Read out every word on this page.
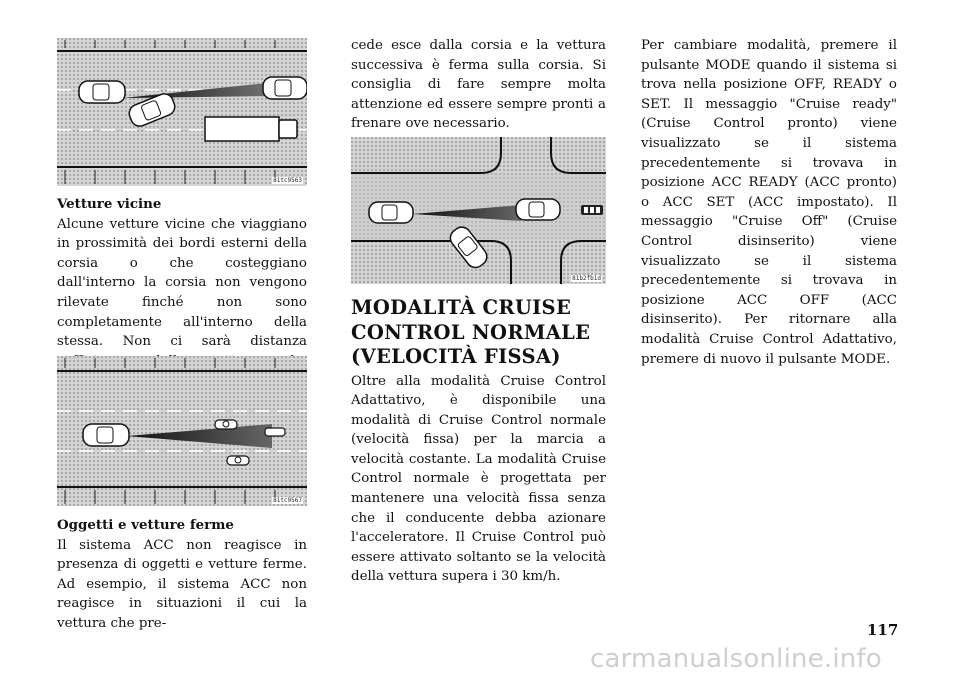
81tc9563

Vetture vicine

Alcune vetture vicine che viaggiano in prossimità dei bordi esterni della corsia o che costeggiano dall'interno la corsia non vengono rilevate finché non sono completamente all'interno della stessa. Non ci sarà distanza

81tc9567

Oggetti e vetture ferme

Il sistema ACC non reagisce in presenza di oggetti e vetture ferme. Ad esempio, il sistema ACC non reagisce in situazioni il cui la vettura che pre-

cede esce dalla corsia e la vettura successiva è ferma sulla corsia. Si consiglia di fare sempre molta attenzione ed essere sempre pronti a frenare ove necessario.

81b2fb1d
MODALITÀ CRUISE CONTROL NORMALE (VELOCITÀ FISSA)

Oltre alla modalità Cruise Control Adattativo, è disponibile una modalità di Cruise Control normale (velocità fissa) per la marcia a velocità costante. La modalità Cruise Control normale è progettata per mantenere una velocità fissa senza che il conducente debba azionare l'acceleratore. Il Cruise Control può essere attivato soltanto se la velocità della vettura supera i 30 km/h.

Per cambiare modalità, premere il pulsante MODE quando il sistema si trova nella posizione OFF, READY o SET. Il messaggio "Cruise ready" (Cruise Control pronto) viene visualizzato se il sistema precedentemente si trovava in posizione ACC READY (ACC pronto) o ACC SET (ACC impostato). Il messaggio "Cruise Off" (Cruise Control disinserito) viene visualizzato se il sistema precedentemente si trovava in posizione ACC OFF (ACC disinserito). Per ritornare alla modalità Cruise Control Adattativo, premere di nuovo il pulsante MODE.

117
carmanualsonline.info
